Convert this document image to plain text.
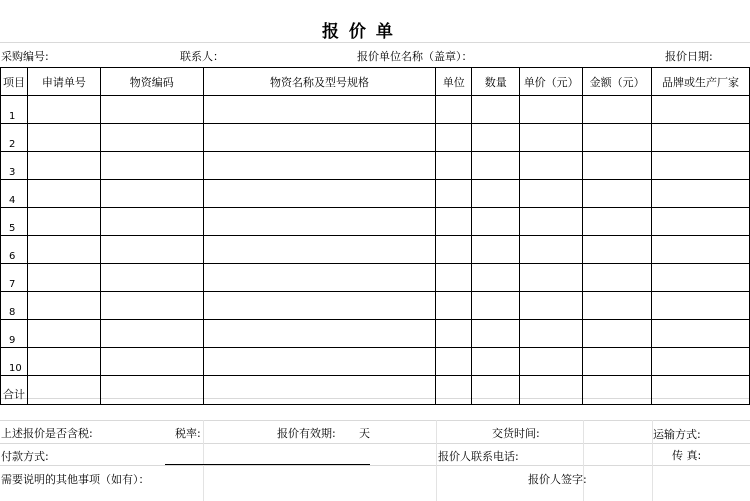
报 价 单
采购编号:	联系人：	报价单位名称（盖章）：	报价日期:
项目	申请单号	物资编码	物资名称及型号规格	单位	数量	单价（元）	金额（元）	品牌或生产厂家
1								
2								
3								
4								
5								
6								
7								
8								
9								
10								
合计								
上述报价是否含税:	税率:	报价有效期: 天	交货时间:	运输方式:
付款方式:	报价人联系电话:	传 真:
需要说明的其他事项（如有）：	报价人签字:
